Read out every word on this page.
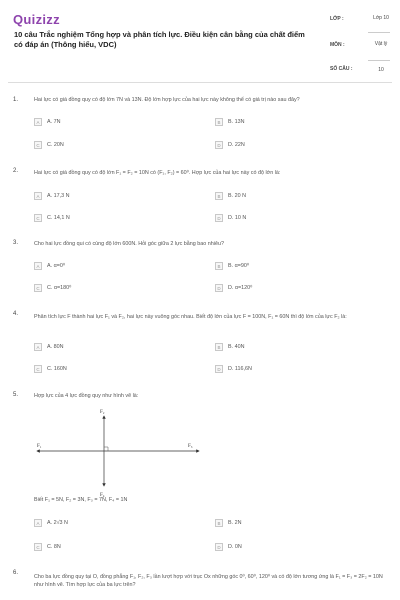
Quizizz
10 câu Trắc nghiệm Tổng hợp và phân tích lực. Điều kiện cân bằng của chất điểm có đáp án (Thông hiểu, VDC)
LỚP :	Lớp 10
MÔN :	Vật lý
SỐ CÂU :	10
1.	Hai lực có giá đồng quy có độ lớn 7N và 13N. Độ lớn hợp lực của hai lực này không thể có giá trị nào sau đây?
A	A. 7N	B	B. 13N
C	C. 20N	D	D. 22N
2.	Hai lực có giá đồng quy có độ lớn F₁ = F₂ = 10N có (F₁, F₂) = 60⁰. Hợp lực của hai lực này có độ lớn là:
A	A. 17,3 N	B	B. 20 N
C	C. 14,1 N	D	D. 10 N
3.	Cho hai lực đồng qui có cùng độ lớn 600N. Hỏi góc giữa 2 lực bằng bao nhiêu?
A	A. α=0⁰	B	B. α=90⁰
C	C. α=180⁰	D	D. α=120⁰
4.	Phân tích lực F thành hai lực F₁ và F₂, hai lực này vuông góc nhau. Biết độ lớn của lực F = 100N, F₁ = 60N thì độ lớn của lực F₂ là:
A	A. 80N	B	B. 40N
C	C. 160N	D	D. 116,6N
5.	Hợp lực của 4 lực đồng quy như hình vẽ là:
F₁
F₂
F₃
F₄
Biết F₁ = 5N, F₂ = 3N, F₃ = 7N, F₄ = 1N
A	A. 2√3 N	B	B. 2N
C	C. 8N	D	D. 0N
6.
Cho ba lực đồng quy tại O, đồng phẳng F₁, F₂, F₃ lần lượt hợp với trục Ox những góc 0⁰, 60⁰, 120⁰ và có độ lớn tương ứng là F₁ = F₃ = 2F₂ = 10N như hình vẽ. Tìm hợp lực của ba lực trên?
